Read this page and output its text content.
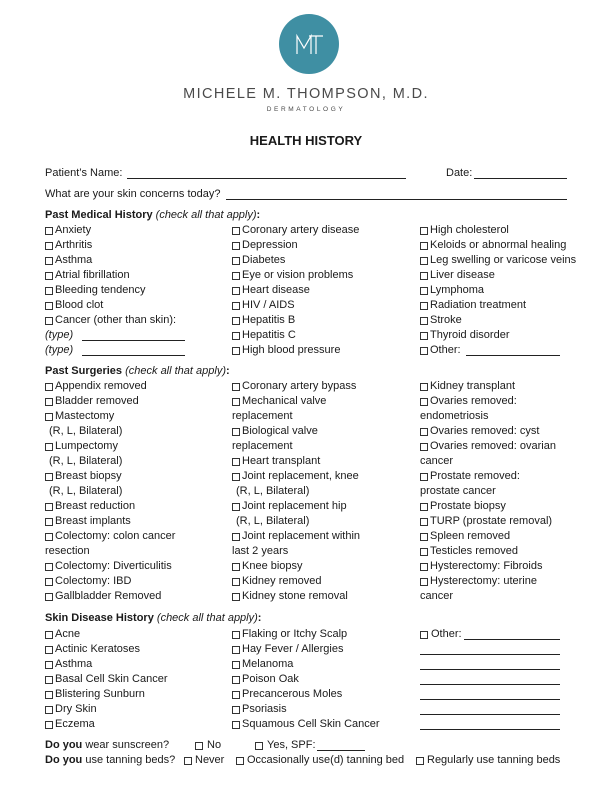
MICHELE M. THOMPSON, M.D.
DERMATOLOGY
HEALTH HISTORY
Patient’s Name:	Date:
What are your skin concerns today?
Past Medical History (check all that apply):
Anxiety
Arthritis
Asthma
Atrial fibrillation
Bleeding tendency
Blood clot
Cancer (other than skin):
Coronary artery disease
Depression
Diabetes
Eye or vision problems
Heart disease
HIV / AIDS
Hepatitis B
Hepatitis C
High blood pressure
High cholesterol
Keloids or abnormal healing
Leg swelling or varicose veins
Liver disease
Lymphoma
Radiation treatment
Stroke
Thyroid disorder
Other:
(type)
(type)
Past Surgeries (check all that apply):
Appendix removed
Bladder removed
Mastectomy
(R, L, Bilateral)
Lumpectomy
(R, L, Bilateral)
Breast biopsy
(R, L, Bilateral)
Breast reduction
Breast implants
Colectomy: colon cancer
resection
Colectomy: Diverticulitis
Colectomy: IBD
Gallbladder Removed
Coronary artery bypass
Mechanical valve
replacement
Biological valve
replacement
Heart transplant
Joint replacement, knee
(R, L, Bilateral)
Joint replacement hip
(R, L, Bilateral)
Joint replacement within
last 2 years
Knee biopsy
Kidney removed
Kidney stone removal
Kidney transplant
Ovaries removed:
endometriosis
Ovaries removed: cyst
Ovaries removed: ovarian
cancer
Prostate removed:
prostate cancer
Prostate biopsy
TURP (prostate removal)
Spleen removed
Testicles removed
Hysterectomy: Fibroids
Hysterectomy: uterine
cancer
Skin Disease History (check all that apply):
Acne
Actinic Keratoses
Asthma
Basal Cell Skin Cancer
Blistering Sunburn
Dry Skin
Eczema
Flaking or Itchy Scalp
Hay Fever / Allergies
Melanoma
Poison Oak
Precancerous Moles
Psoriasis
Squamous Cell Skin Cancer
Other:
Do you wear sunscreen?	No	Yes, SPF:
Do you use tanning beds? Never Occasionally use(d) tanning bed Regularly use tanning beds
